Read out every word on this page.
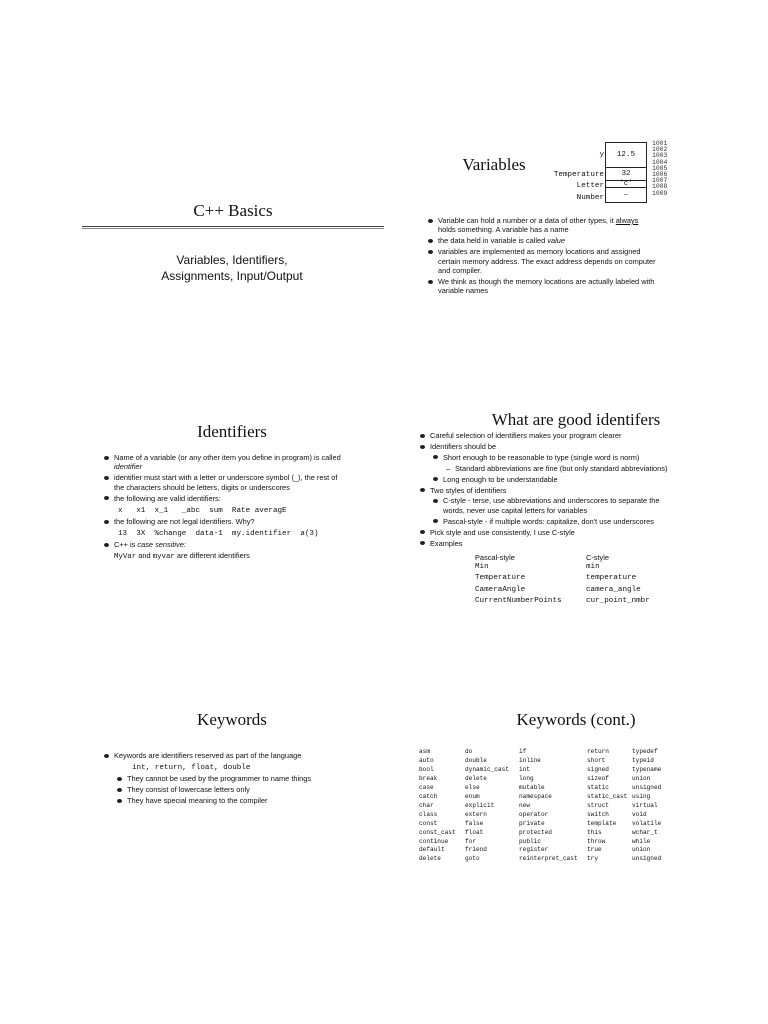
C++ Basics
Variables, Identifiers,
Assignments, Input/Output
Variables
1001
1002
1003
1004
1005
1006
1007
1008
1009
12.5
32
'c'
–
y
Temperature
Letter
Number
Variable can hold a number or a data of other types, it always holds something. A variable has a name
the data held in variable is called value
variables are implemented as memory locations and assigned certain memory address. The exact address depends on computer and compiler.
We think as though the memory locations are actually labeled with variable names
Identifiers
Name of a variable (or any other item you define in program) is called identifier
identifier must start with a letter or underscore symbol (_), the rest of the characters should be letters, digits or underscores
the following are valid identifiers:
x   x1  x_1   _abc  sum  Rate averagE
the following are not legal identifiers. Why?
13  3X  %change  data-1  my.identifier  a(3)
C++ is case sensitive:
MyVar and myvar are different identifiers
What are good identifers
Careful selection of identifiers makes your program clearer
Identifiers should be
Short enough to be reasonable to type (single word is norm)
– Standard abbreviations are fine (but only standard abbreviations)
Long enough to be understandable
Two styles of identifiers
C-style - terse, use abbreviations and underscores to separate the words, never use capital letters for variables
Pascal-style - if multiple words: capitalize, don't use underscores
Pick style and use consistently, I use C-style
Examples
Pascal-style	C-style
Min
Temperature
CameraAngle
CurrentNumberPoints
min
temperature
camera_angle
cur_point_nmbr
Keywords
Keywords are identifiers reserved as part of the language
int, return, float, double
They cannot be used by the programmer to name things
They consist of lowercase letters only
They have special meaning to the compiler
Keywords (cont.)
asm
auto
bool
break
case
catch
char
class
const
const_cast
continue
default
delete
do
double
dynamic_cast
delete
else
enum
explicit
extern
false
float
for
friend
goto
if
inline
int
long
mutable
namespace
new
operator
private
protected
public
register
reinterpret_cast
return
short
signed
sizeof
static
static_cast
struct
switch
template
this
throw
true
try
typedef
typeid
typename
union
unsigned
using
virtual
void
volatile
wchar_t
while
union
unsigned
